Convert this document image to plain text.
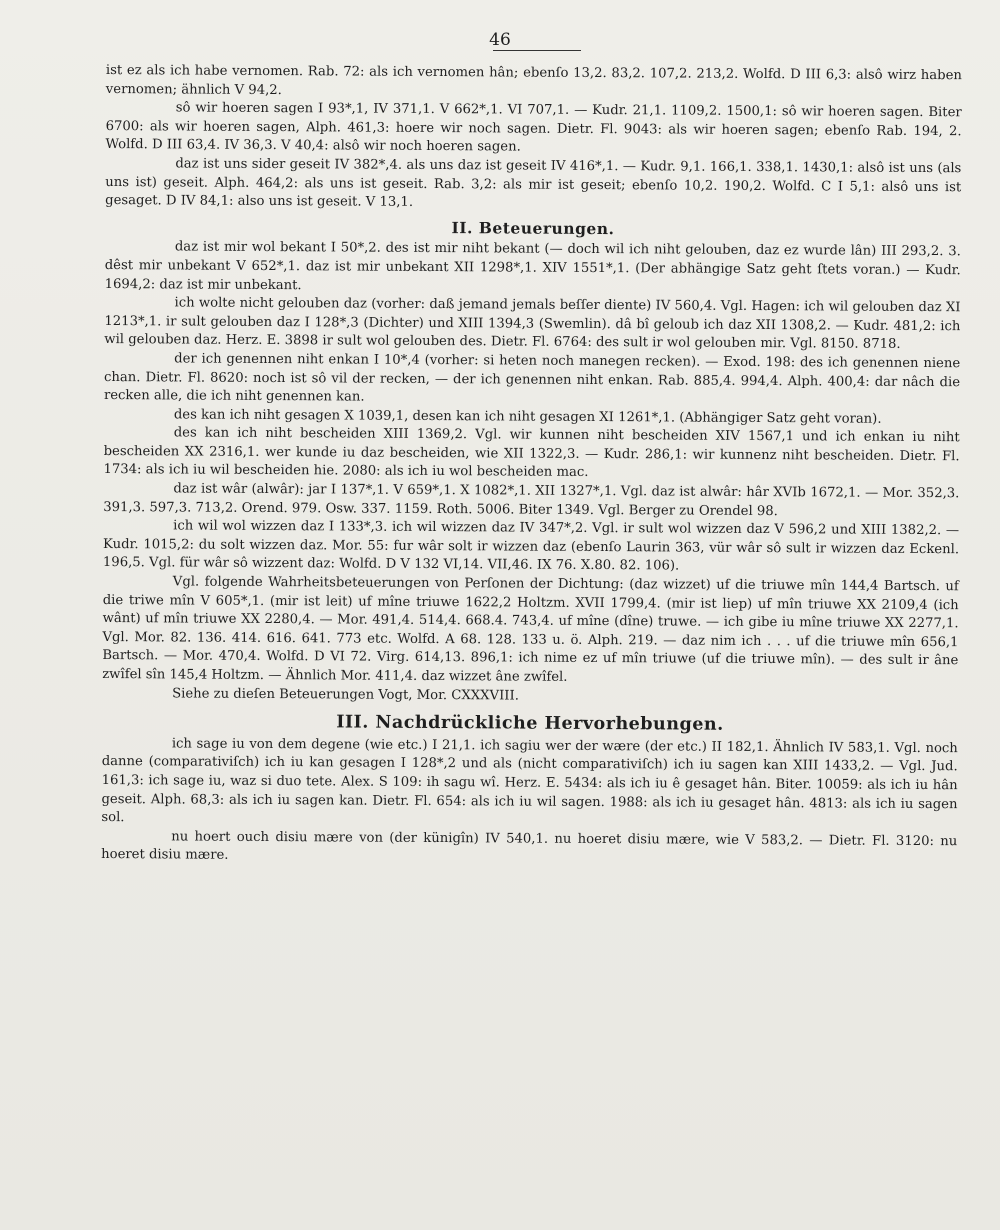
46

ist ez als ich habe vernomen. Rab. 72: als ich vernomen hân; ebenſo 13,2. 83,2. 107,2. 213,2. Wolfd. D III 6,3: alsô wirz haben vernomen; ähnlich V 94,2.

sô wir hoeren sagen I 93*,1, IV 371,1. V 662*,1. VI 707,1. — Kudr. 21,1. 1109,2. 1500,1: sô wir hoeren sagen. Biter 6700: als wir hoeren sagen, Alph. 461,3: hoere wir noch sagen. Dietr. Fl. 9043: als wir hoeren sagen; ebenſo Rab. 194, 2. Wolfd. D III 63,4. IV 36,3. V 40,4: alsô wir noch hoeren sagen.

daz ist uns sider geseit IV 382*,4. als uns daz ist geseit IV 416*,1. — Kudr. 9,1. 166,1. 338,1. 1430,1: alsô ist uns (als uns ist) geseit. Alph. 464,2: als uns ist geseit. Rab. 3,2: als mir ist geseit; ebenſo 10,2. 190,2. Wolfd. C I 5,1: alsô uns ist gesaget. D IV 84,1: also uns ist geseit. V 13,1.

II. Beteuerungen.

daz ist mir wol bekant I 50*,2. des ist mir niht bekant (— doch wil ich niht gelouben, daz ez wurde lân) III 293,2. 3. dêst mir unbekant V 652*,1. daz ist mir unbekant XII 1298*,1. XIV 1551*,1. (Der abhängige Satz geht ſtets voran.) — Kudr. 1694,2: daz ist mir unbekant.

ich wolte nicht gelouben daz (vorher: daß jemand jemals beſſer diente) IV 560,4. Vgl. Hagen: ich wil gelouben daz XI 1213*,1. ir sult gelouben daz I 128*,3 (Dichter) und XIII 1394,3 (Swemlin). dâ bî geloub ich daz XII 1308,2. — Kudr. 481,2: ich wil gelouben daz. Herz. E. 3898 ir sult wol gelouben des. Dietr. Fl. 6764: des sult ir wol gelouben mir. Vgl. 8150. 8718.

der ich genennen niht enkan I 10*,4 (vorher: si heten noch manegen recken). — Exod. 198: des ich genennen niene chan. Dietr. Fl. 8620: noch ist sô vil der recken, — der ich genennen niht enkan. Rab. 885,4. 994,4. Alph. 400,4: dar nâch die recken alle, die ich niht genennen kan.

des kan ich niht gesagen X 1039,1, desen kan ich niht gesagen XI 1261*,1. (Abhängiger Satz geht voran).

des kan ich niht bescheiden XIII 1369,2. Vgl. wir kunnen niht bescheiden XIV 1567,1 und ich enkan iu niht bescheiden XX 2316,1. wer kunde iu daz bescheiden, wie XII 1322,3. — Kudr. 286,1: wir kunnenz niht bescheiden. Dietr. Fl. 1734: als ich iu wil bescheiden hie. 2080: als ich iu wol bescheiden mac.

daz ist wâr (alwâr): jar I 137*,1. V 659*,1. X 1082*,1. XII 1327*,1. Vgl. daz ist alwâr: hâr XVIb 1672,1. — Mor. 352,3. 391,3. 597,3. 713,2. Orend. 979. Osw. 337. 1159. Roth. 5006. Biter 1349. Vgl. Berger zu Orendel 98.

ich wil wol wizzen daz I 133*,3. ich wil wizzen daz IV 347*,2. Vgl. ir sult wol wizzen daz V 596,2 und XIII 1382,2. — Kudr. 1015,2: du solt wizzen daz. Mor. 55: fur wâr solt ir wizzen daz (ebenſo Laurin 363, vür wâr sô sult ir wizzen daz Eckenl. 196,5. Vgl. für wâr sô wizzent daz: Wolfd. D V 132 VI,14. VII,46. IX 76. X.80. 82. 106).

Vgl. folgende Wahrheitsbeteuerungen von Perſonen der Dichtung: (daz wizzet) uf die triuwe mîn 144,4 Bartsch. uf die triwe mîn V 605*,1. (mir ist leit) uf mîne triuwe 1622,2 Holtzm. XVII 1799,4. (mir ist liep) uf mîn triuwe XX 2109,4 (ich wânt) uf mîn triuwe XX 2280,4. — Mor. 491,4. 514,4. 668.4. 743,4. uf mîne (dîne) truwe. — ich gibe iu mîne triuwe XX 2277,1. Vgl. Mor. 82. 136. 414. 616. 641. 773 etc. Wolfd. A 68. 128. 133 u. ö. Alph. 219. — daz nim ich . . . uf die triuwe mîn 656,1 Bartsch. — Mor. 470,4. Wolfd. D VI 72. Virg. 614,13. 896,1: ich nime ez uf mîn triuwe (uf die triuwe mîn). — des sult ir âne zwîfel sîn 145,4 Holtzm. — Ähnlich Mor. 411,4. daz wizzet âne zwîfel.

Siehe zu dieſen Beteuerungen Vogt, Mor. CXXXVIII.

III. Nachdrückliche Hervorhebungen.

ich sage iu von dem degene (wie etc.) I 21,1. ich sagiu wer der wære (der etc.) II 182,1. Ähnlich IV 583,1. Vgl. noch danne (comparativiſch) ich iu kan gesagen I 128*,2 und als (nicht comparativiſch) ich iu sagen kan XIII 1433,2. — Vgl. Jud. 161,3: ich sage iu, waz si duo tete. Alex. S 109: ih sagu wî. Herz. E. 5434: als ich iu ê gesaget hân. Biter. 10059: als ich iu hân geseit. Alph. 68,3: als ich iu sagen kan. Dietr. Fl. 654: als ich iu wil sagen. 1988: als ich iu gesaget hân. 4813: als ich iu sagen sol.

nu hoert ouch disiu mære von (der künigîn) IV 540,1. nu hoeret disiu mære, wie V 583,2. — Dietr. Fl. 3120: nu hoeret disiu mære.
